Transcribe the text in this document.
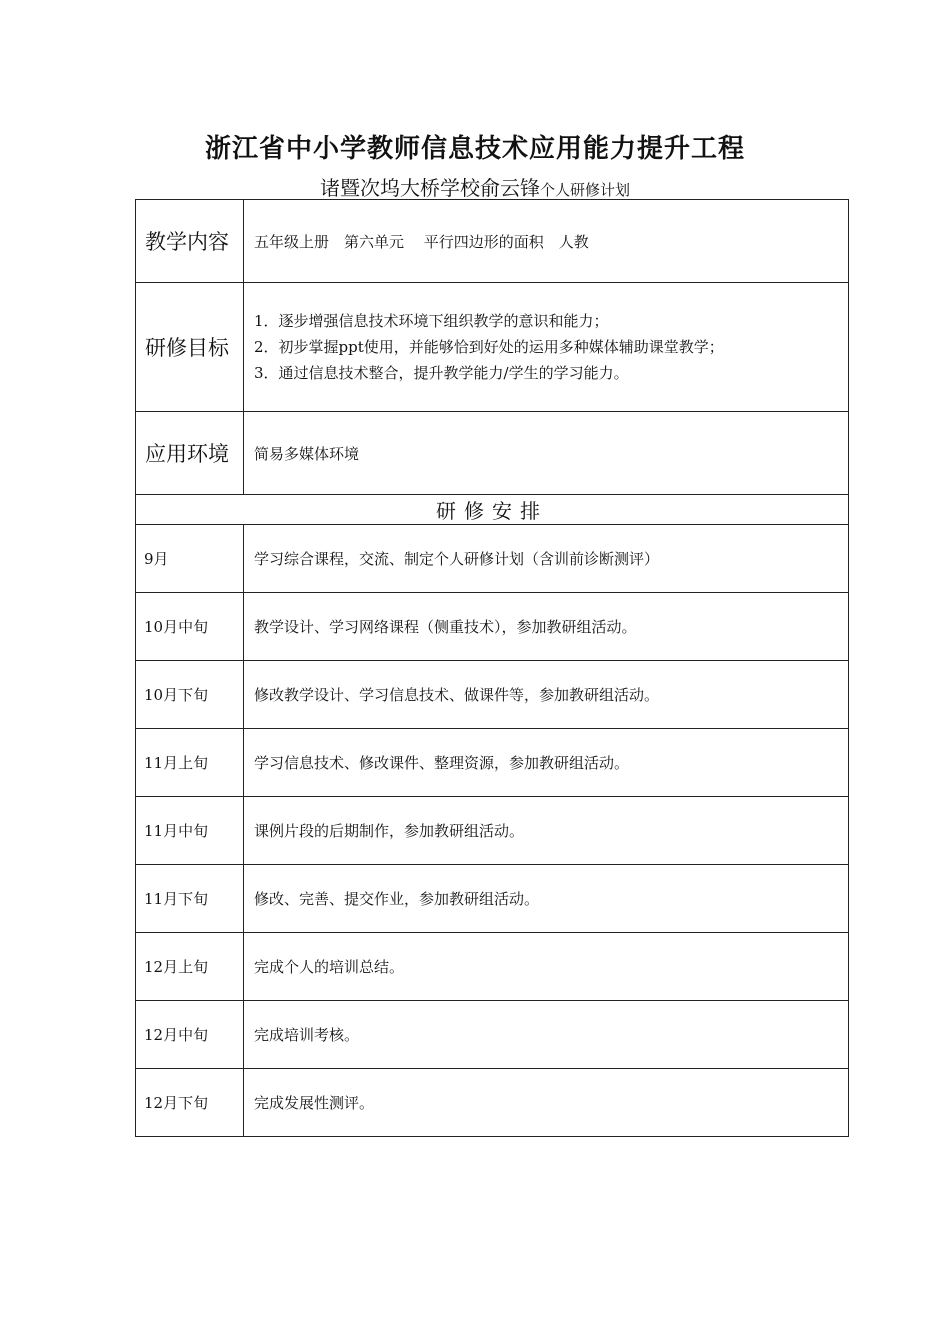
浙江省中小学教师信息技术应用能力提升工程
诸暨次坞大桥学校俞云锋个人研修计划
教学内容	五年级上册　第六单元　 平行四边形的面积　人教
研修目标	1．逐步增强信息技术环境下组织教学的意识和能力；
2．初步掌握ppt使用，并能够恰到好处的运用多种媒体辅助课堂教学；
3．通过信息技术整合，提升教学能力/学生的学习能力。

应用环境	简易多媒体环境
研修安排	
9月	学习综合课程，交流、制定个人研修计划（含训前诊断测评）
10月中旬	教学设计、学习网络课程（侧重技术），参加教研组活动。
10月下旬	修改教学设计、学习信息技术、做课件等，参加教研组活动。
11月上旬	学习信息技术、修改课件、整理资源，参加教研组活动。
11月中旬	课例片段的后期制作，参加教研组活动。
11月下旬	修改、完善、提交作业，参加教研组活动。
12月上旬	完成个人的培训总结。
12月中旬	完成培训考核。
12月下旬	完成发展性测评。
